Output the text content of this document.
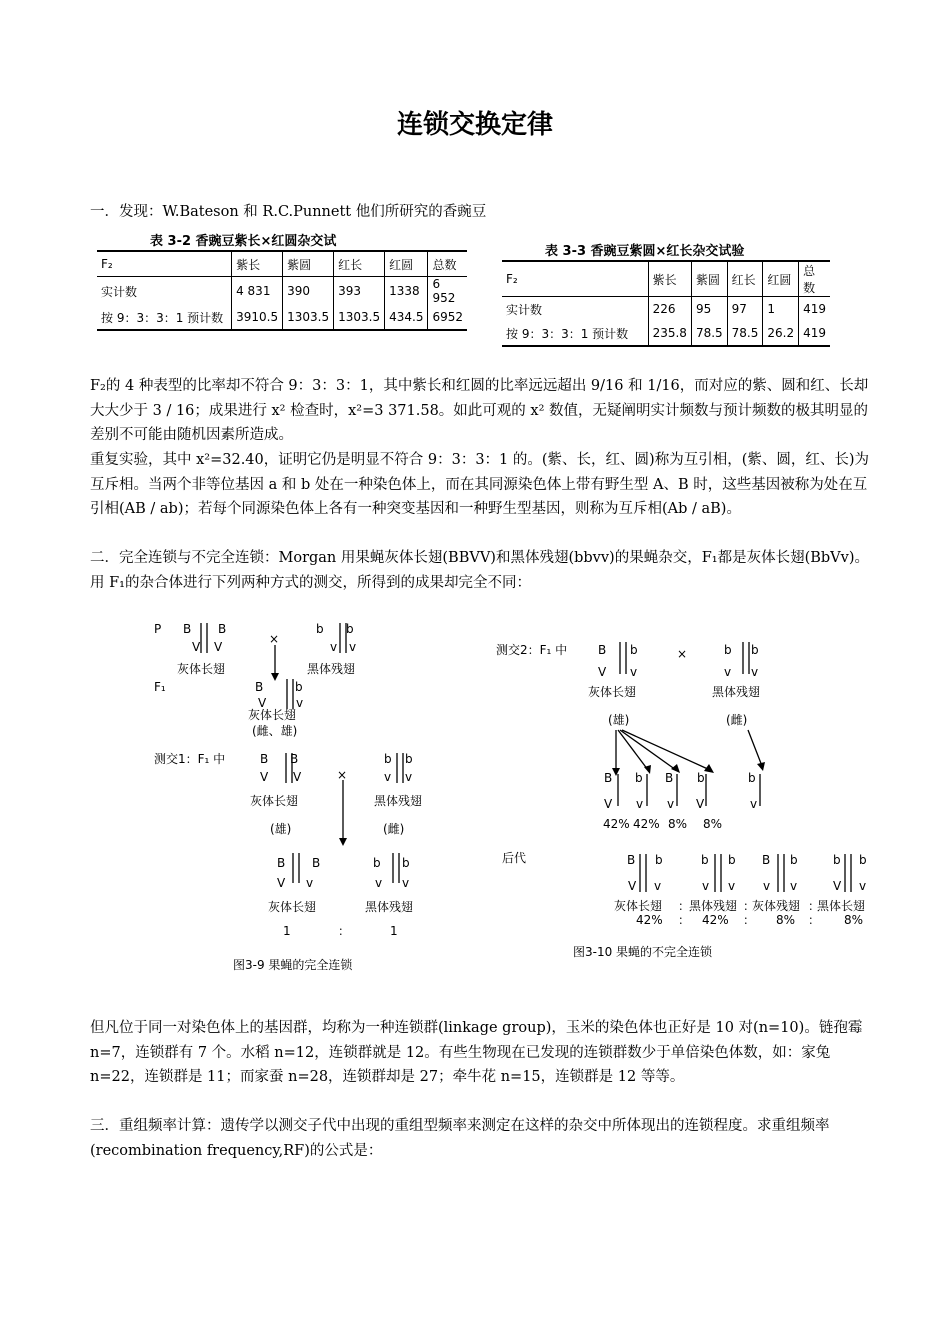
连锁交换定律
一．发现：W.Bateson 和 R.C.Punnett 他们所研究的香豌豆
表 3-2 香豌豆紫长×红圆杂交试
F₂	紫长	紫圆	红长	红圆	总数
实计数	4 831	390	393	1338	6 952
按 9：3：3：1 预计数	3910.5	1303.5	1303.5	434.5	6952
表 3-3 香豌豆紫圆×红长杂交试验
F₂	紫长	紫圆	红长	红圆	总数
实计数	226	95	97	1	419
按 9：3：3：1 预计数	235.8	78.5	78.5	26.2	419
F₂的 4 种表型的比率却不符合 9：3：3：1，其中紫长和红圆的比率远远超出 9/16 和 1/16，而对应的紫、圆和红、长却大大少于 3 / 16；成果进行 x² 检查时，x²=3 371.58。如此可观的 x² 数值，无疑阐明实计频数与预计频数的极其明显的差别不可能由随机因素所造成。
重复实验，其中 x²=32.40，证明它仍是明显不符合 9：3：3：1 的。(紫、长，红、圆)称为互引相，(紫、圆，红、长)为互斥相。当两个非等位基因 a 和 b 处在一种染色体上，而在其同源染色体上带有野生型 A、B 时，这些基因被称为处在互引相(AB / ab)；若每个同源染色体上各有一种突变基因和一种野生型基因，则称为互斥相(Ab / aB)。
二．完全连锁与不完全连锁：Morgan 用果蝇灰体长翅(BBVV)和黑体残翅(bbvv)的果蝇杂交，F₁都是灰体长翅(BbVv)。用 F₁的杂合体进行下列两种方式的测交，所得到的成果却完全不同：
P B B
V V
×
b b
v v
灰体长翅	黑体残翅
F₁	B	b
V v
灰体长翅
(雌、雄)
测交1：F₁ 中	B B
V V
b b
v v
×
灰体长翅	黑体残翅
(雄)	(雌)
B B
V v
b b
v v
灰体长翅	黑体残翅
1	：	1
图3-9 果蝇的完全连锁
测交2：F₁ 中	B b
V v
×	b b
v v
灰体长翅	黑体残翅
(雄)	(雌)
B b B b	b
V v v V	v
42% 42% 8% 8%
后代	B b
V v
b b
v v
B b
v v
b b
V v
灰体长翅 ：
黑体残翅 ：
灰体残翅 ：
黑体长翅
42% ： 42% ： 8% ： 8%
图3-10 果蝇的不完全连锁
但凡位于同一对染色体上的基因群，均称为一种连锁群(linkage group)，玉米的染色体也正好是 10 对(n=10)。链孢霉 n=7，连锁群有 7 个。水稻 n=12，连锁群就是 12。有些生物现在已发现的连锁群数少于单倍染色体数，如：家兔 n=22，连锁群是 11；而家蚕 n=28，连锁群却是 27；牵牛花 n=15，连锁群是 12 等等。
三．重组频率计算：遗传学以测交子代中出现的重组型频率来测定在这样的杂交中所体现出的连锁程度。求重组频率(recombination frequency,RF)的公式是：
